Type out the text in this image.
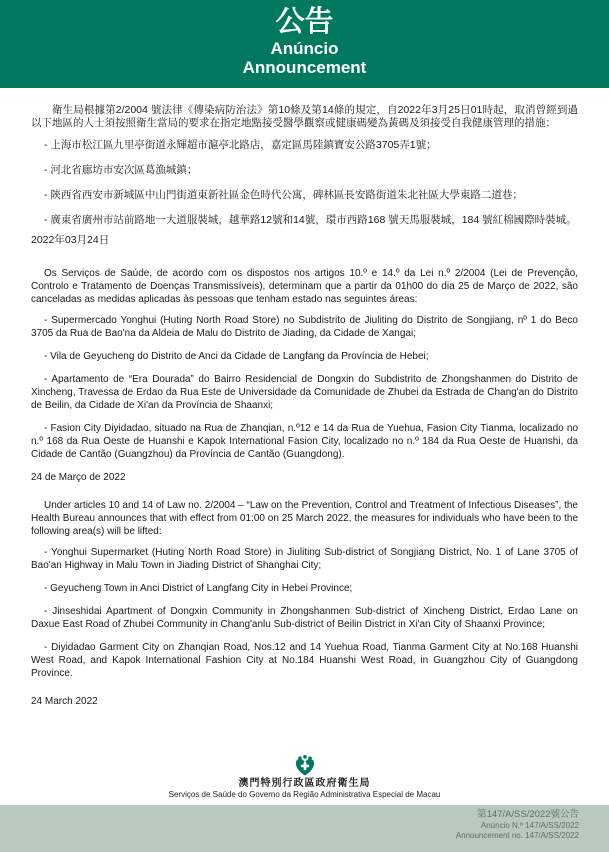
公告
Anúncio
Announcement

衛生局根據第2/2004 號法律《傳染病防治法》第10條及第14條的規定，自2022年3月25日01時起，取消曾經到過以下地區的人士須按照衛生當局的要求在指定地點接受醫學觀察或健康碼變為黃碼及須接受自我健康管理的措施：

- 上海市松江區九里亭街道永輝超市滬亭北路店，嘉定區馬陸鎮寶安公路3705弄1號；

- 河北省廊坊市安次區葛漁城鎮；

- 陝西省西安市新城區中山門街道東新社區金色時代公寓，碑林區長安路街道朱北社區大學東路二道巷；

- 廣東省廣州市站前路地一大道服裝城，越華路12號和14號，環市西路168 號天馬服裝城，184 號紅棉國際時裝城。

2022年03月24日

Os Serviços de Saúde, de acordo com os dispostos nos artigos 10.º e 14.º da Lei n.º 2/2004 (Lei de Prevenção, Controlo e Tratamento de Doenças Transmissíveis), determinam que a partir da 01h00 do dia 25 de Março de 2022, são canceladas as medidas aplicadas às pessoas que tenham estado nas seguintes áreas:

- Supermercado Yonghui (Huting North Road Store) no Subdistrito de Jiuliting do Distrito de Songjiang, nº 1 do Beco 3705 da Rua de Bao'na da Aldeia de Malu do Distrito de Jiading, da Cidade de Xangai;

- Vila de Geyucheng do Distrito de Anci da Cidade de Langfang da Província de Hebei;

- Apartamento de “Era Dourada” do Bairro Residencial de Dongxin do Subdistrito de Zhongshanmen do Distrito de Xincheng, Travessa de Erdao da Rua Este de Universidade da Comunidade de Zhubei da Estrada de Chang'an do Distrito de Beilin, da Cidade de Xi'an da Província de Shaanxi;

- Fasion City Diyidadao, situado na Rua de Zhanqian, n.º12 e 14 da Rua de Yuehua, Fasion City Tianma, localizado no n.º 168 da Rua Oeste de Huanshi e Kapok International Fasion City, localizado no n.º 184 da Rua Oeste de Huanshi, da Cidade de Cantão (Guangzhou) da Província de Cantão (Guangdong).

24 de Março de 2022

Under articles 10 and 14 of Law no. 2/2004 – “Law on the Prevention, Control and Treatment of Infectious Diseases”, the Health Bureau announces that with effect from 01:00 on 25 March 2022, the measures for individuals who have been to the following area(s) will be lifted:

- Yonghui Supermarket (Huting North Road Store) in Jiuliting Sub-district of Songjiang District, No. 1 of Lane 3705 of Bao'an Highway in Malu Town in Jiading District of Shanghai City;

- Geyucheng Town in Anci District of Langfang City in Hebei Province;

- Jinseshidai Apartment of Dongxin Community in Zhongshanmen Sub-district of Xincheng District, Erdao Lane on Daxue East Road of Zhubei Community in Chang'anlu Sub-district of Beilin District in Xi'an City of Shaanxi Province;

- Diyidadao Garment City on Zhanqian Road, Nos.12 and 14 Yuehua Road, Tianma Garment City at No.168 Huanshi West Road, and Kapok International Fashion City at No.184 Huanshi West Road, in Guangzhou City of Guangdong Province.

24 March 2022

澳門特別行政區政府衛生局
Serviços de Saúde do Governo da Região Administrativa Especial de Macau
第147/A/SS/2022號公告
Anúncio N.º 147/A/SS/2022
Announcement no. 147/A/SS/2022
